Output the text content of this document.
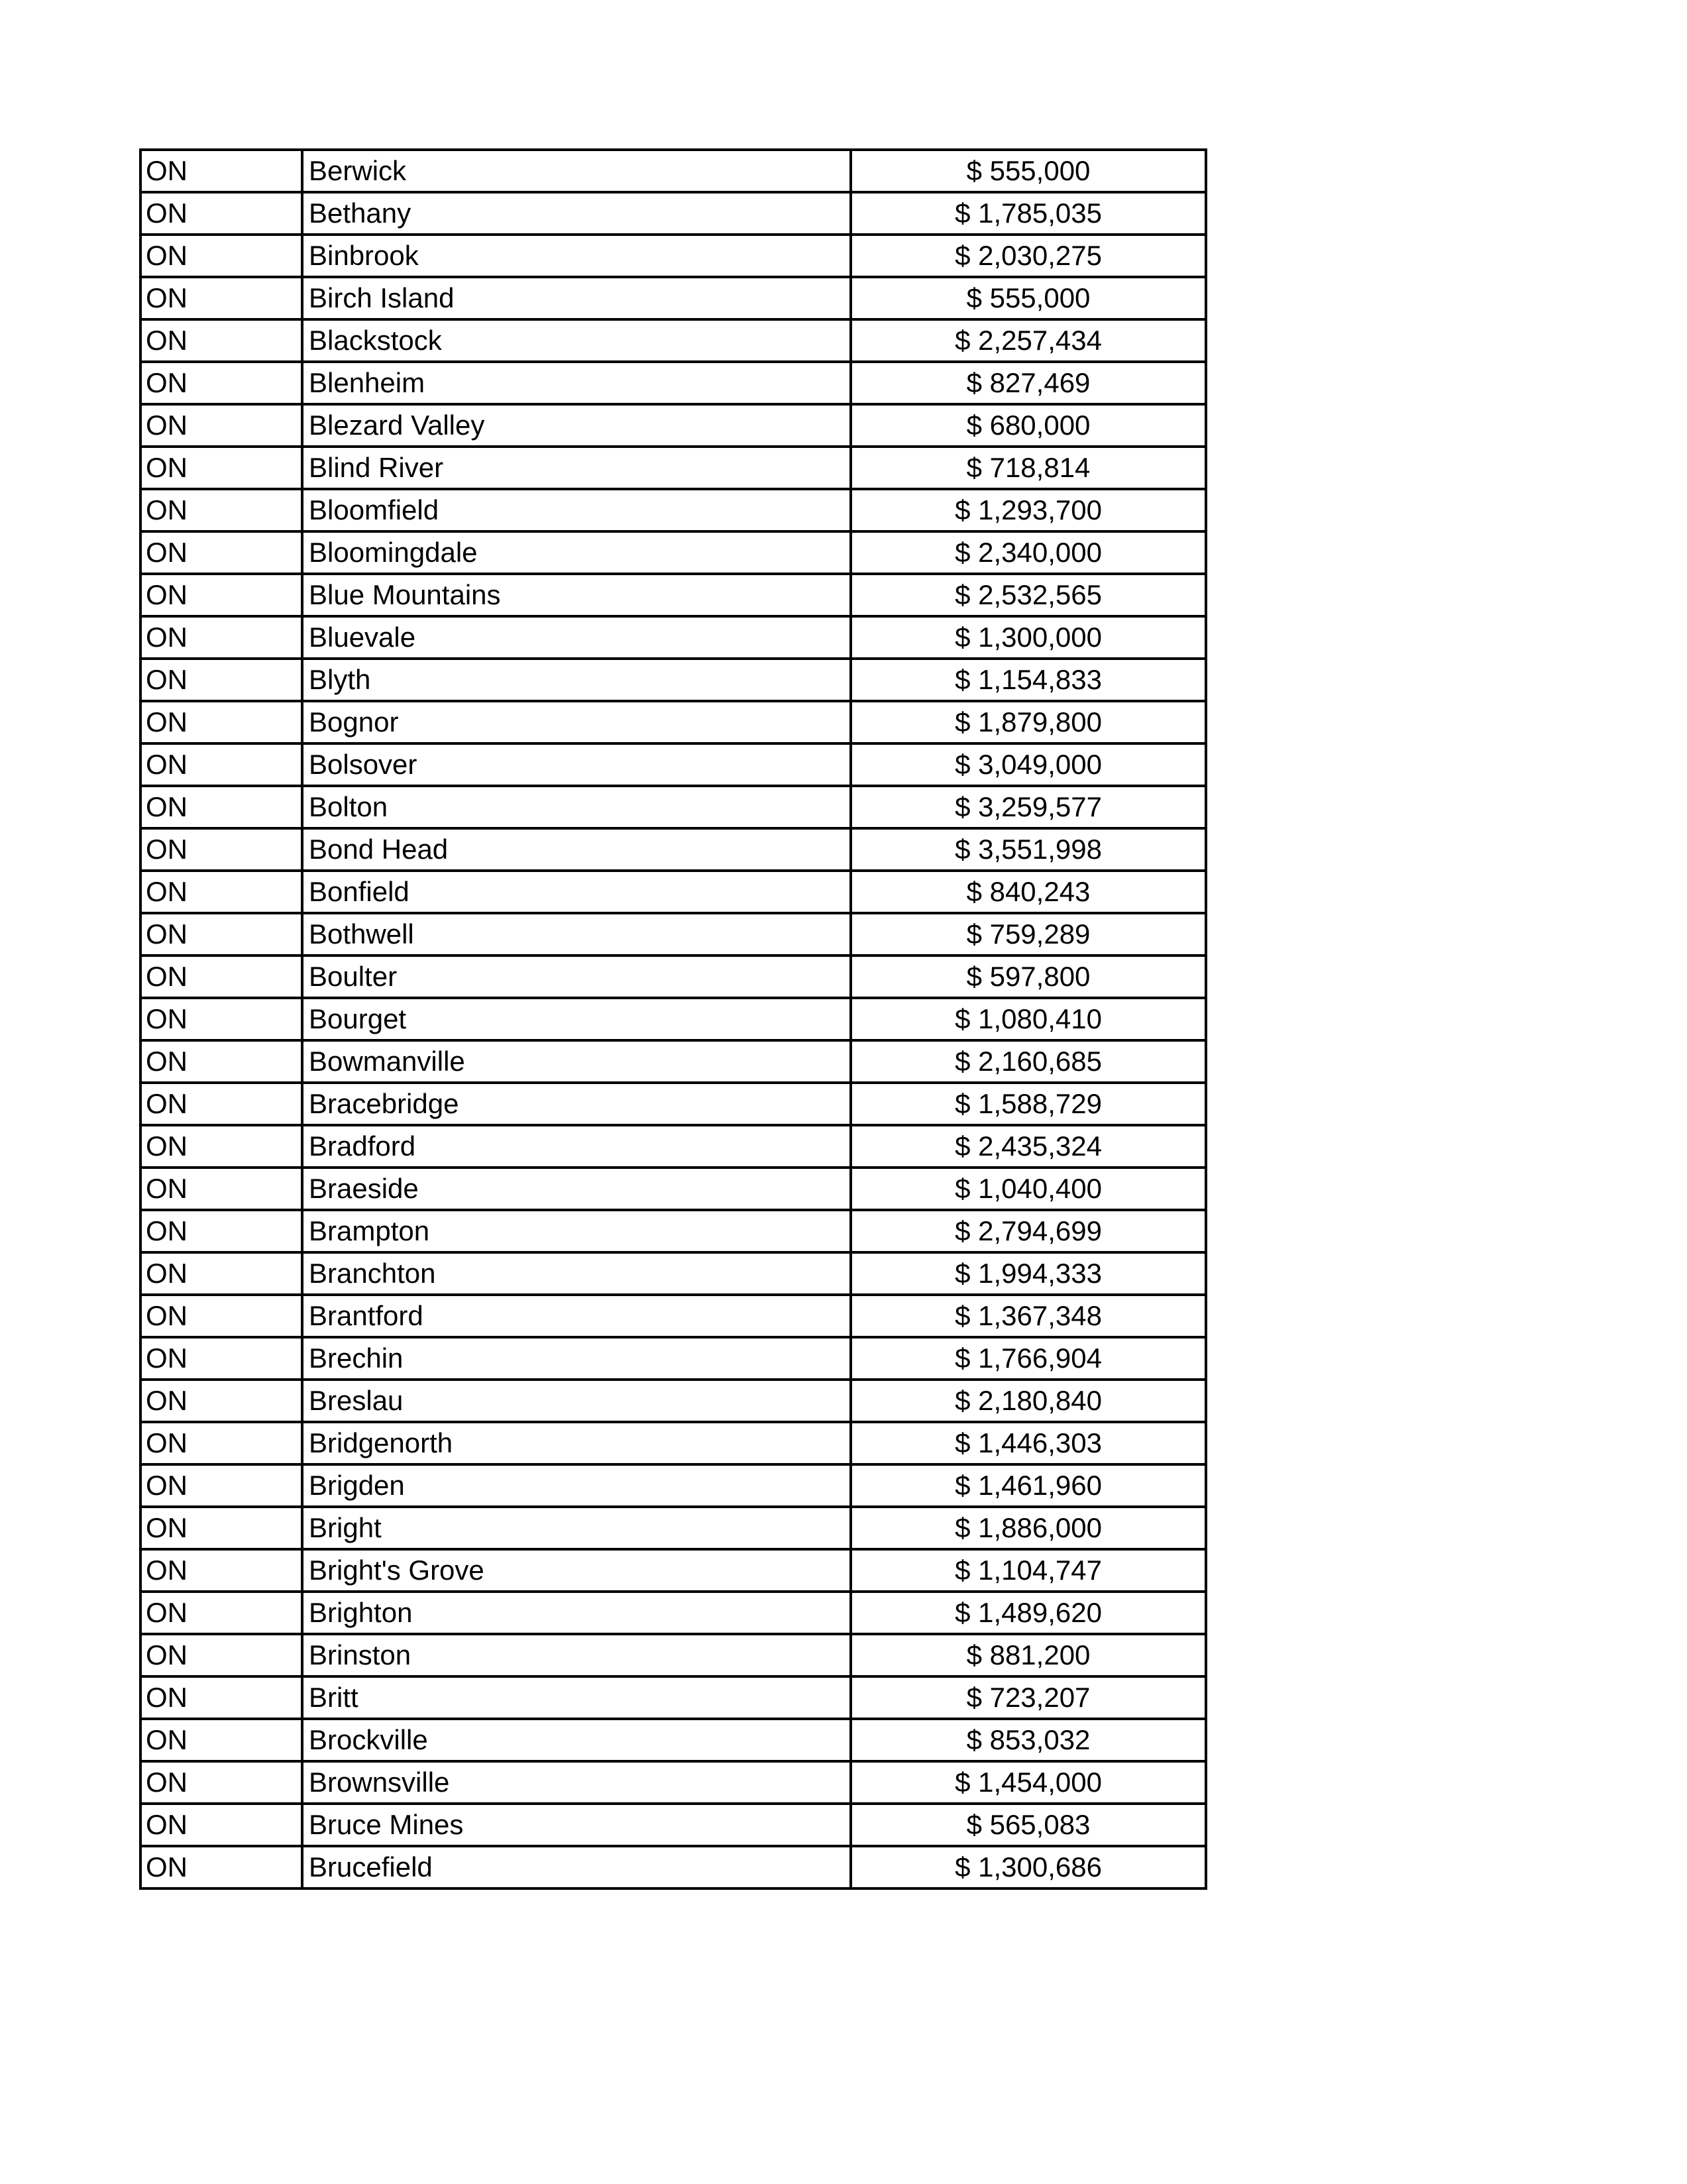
ON	Berwick	$ 555,000
ON	Bethany	$ 1,785,035
ON	Binbrook	$ 2,030,275
ON	Birch Island	$ 555,000
ON	Blackstock	$ 2,257,434
ON	Blenheim	$ 827,469
ON	Blezard Valley	$ 680,000
ON	Blind River	$ 718,814
ON	Bloomfield	$ 1,293,700
ON	Bloomingdale	$ 2,340,000
ON	Blue Mountains	$ 2,532,565
ON	Bluevale	$ 1,300,000
ON	Blyth	$ 1,154,833
ON	Bognor	$ 1,879,800
ON	Bolsover	$ 3,049,000
ON	Bolton	$ 3,259,577
ON	Bond Head	$ 3,551,998
ON	Bonfield	$ 840,243
ON	Bothwell	$ 759,289
ON	Boulter	$ 597,800
ON	Bourget	$ 1,080,410
ON	Bowmanville	$ 2,160,685
ON	Bracebridge	$ 1,588,729
ON	Bradford	$ 2,435,324
ON	Braeside	$ 1,040,400
ON	Brampton	$ 2,794,699
ON	Branchton	$ 1,994,333
ON	Brantford	$ 1,367,348
ON	Brechin	$ 1,766,904
ON	Breslau	$ 2,180,840
ON	Bridgenorth	$ 1,446,303
ON	Brigden	$ 1,461,960
ON	Bright	$ 1,886,000
ON	Bright's Grove	$ 1,104,747
ON	Brighton	$ 1,489,620
ON	Brinston	$ 881,200
ON	Britt	$ 723,207
ON	Brockville	$ 853,032
ON	Brownsville	$ 1,454,000
ON	Bruce Mines	$ 565,083
ON	Brucefield	$ 1,300,686
